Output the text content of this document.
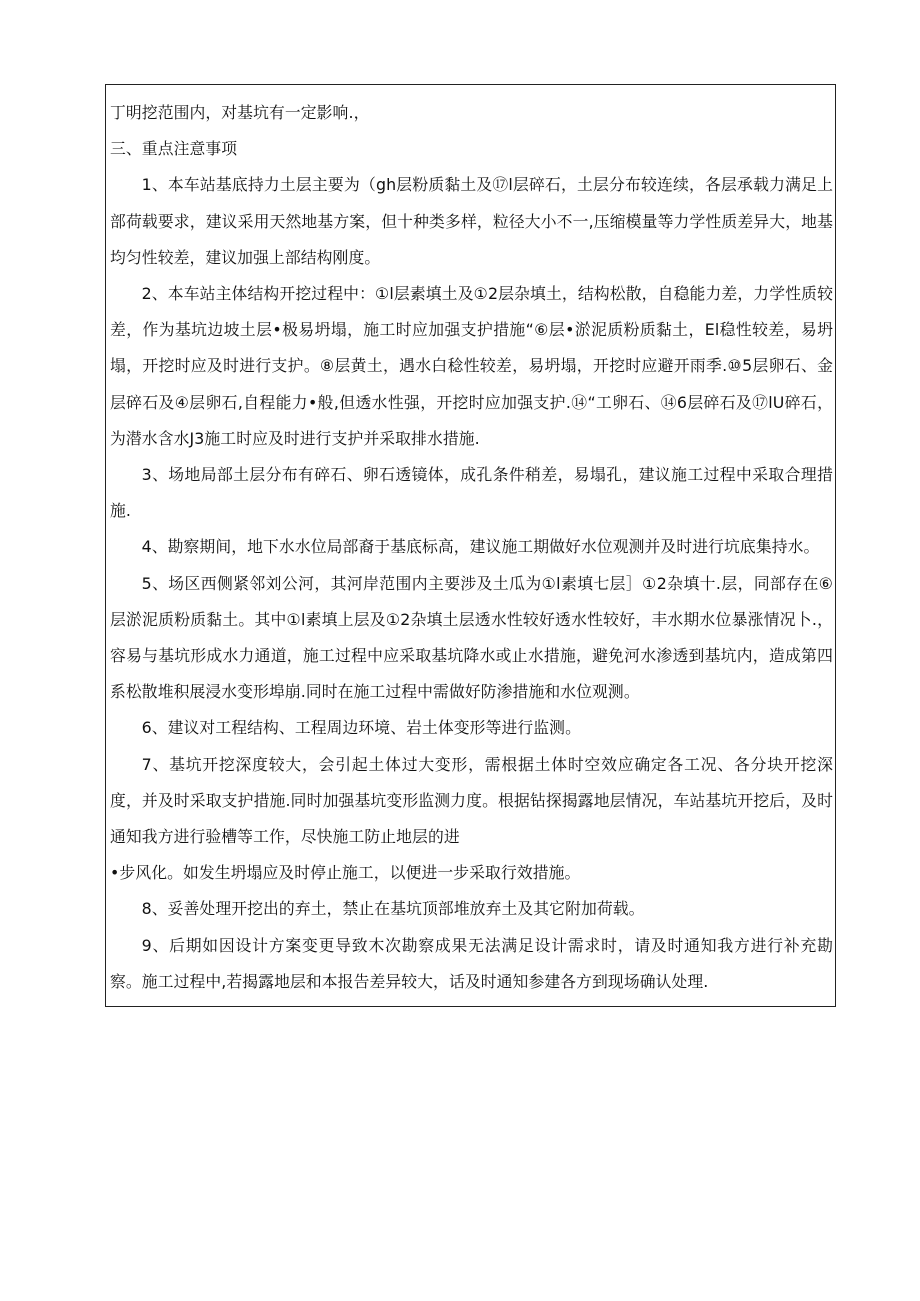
丁明挖范围内，对基坑有一定影响.，

三、重点注意事项

1、本车站基底持力土层主要为（gh层粉质黏土及⑰l层碎石，土层分布较连续，各层承载力满足上部荷载要求，建议采用天然地基方案，但十种类多样，粒径大小不一,压缩模量等力学性质差异大，地基均匀性较差，建议加强上部结构刚度。

2、本车站主体结构开挖过程中：①l层素填土及①2层杂填土，结构松散，自稳能力差，力学性质较差，作为基坑边坡土层•极易坍塌，施工时应加强支护措施“⑥层•淤泥质粉质黏土，El稳性较差，易坍塌，开挖时应及时进行支护。⑧层黄土，遇水白稔性较差，易坍塌，开挖时应避开雨季.⑩5层卵石、金层碎石及④层卵石,自程能力•般,但透水性强，开挖时应加强支护.⑭“工卵石、⑭6层碎石及⑰lU碎石，为潜水含水J3施工时应及时进行支护并采取排水措施.

3、场地局部土层分布有碎石、卵石透镜体，成孔条件稍差，易塌孔，建议施工过程中采取合理措施.

4、勘察期间，地下水水位局部裔于基底标高，建议施工期做好水位观测并及时进行坑底集持水。

5、场区西侧紧邻刘公河，其河岸范围内主要涉及土瓜为①l素填七层］①2杂填十.层，同部存在⑥层淤泥质粉质黏土。其中①l素填上层及①2杂填土层透水性较好透水性较好，丰水期水位暴涨情况卜.，容易与基坑形成水力通道，施工过程中应采取基坑降水或止水措施，避免河水渗透到基坑内，造成第四系松散堆积展浸水变形埠崩.同时在施工过程中需做好防渗措施和水位观测。

6、建议对工程结构、工程周边环境、岩土体变形等进行监测。

7、基坑开挖深度较大，会引起土体过大变形，需根据土体时空效应确定各工况、各分块开挖深度，并及时采取支护措施.同时加强基坑变形监测力度。根据钻探揭露地层情况，车站基坑开挖后，及时通知我方进行验槽等工作，尽快施工防止地层的进

•步风化。如发生坍塌应及时停止施工，以便进一步采取行效措施。

8、妥善处理开挖出的弃土，禁止在基坑顶部堆放弃土及其它附加荷载。

9、后期如因设计方案变更导致木次勘察成果无法满足设计需求时，请及时通知我方进行补充勘察。施工过程中,若揭露地层和本报告差异较大，话及时通知参建各方到现场确认处理.
